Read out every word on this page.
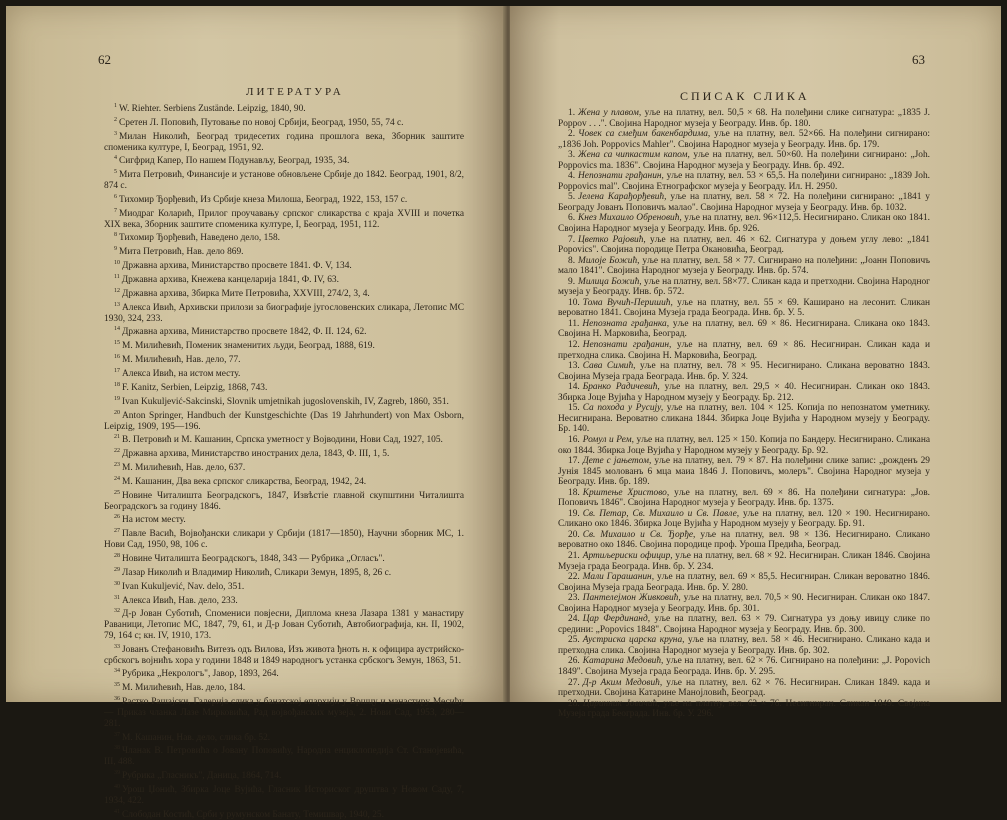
62
ЛИТЕРАТУРА
$^1$ W. Riehter. Serbiens Zustände. Leipzig, 1840, 90.
$^2$ Сретен Л. Поповић, Путовање по новој Србији, Београд, 1950, 55, 74 с.
$^3$ Милан Николић, Београд тридесетих година прошлога века, Зборник заштите споменика културе, I, Београд, 1951, 92.
$^4$ Сигфрид Капер, По нашем Подунављу, Београд, 1935, 34.
$^5$ Мита Петровић, Финансије и установе обновљене Србије до 1842. Београд, 1901, 8/2, 874 с.
$^6$ Тихомир Ђорђевић, Из Србије кнеза Милоша, Београд, 1922, 153, 157 с.
$^7$ Миодраг Коларић, Прилог проучавању српског сликарства с краја XVIII и почетка XIX века, Зборник заштите споменика културе, I, Београд, 1951, 112.
$^8$ Тихомир Ђорђевић, Наведено дело, 158.
$^9$ Мита Петровић, Нав. дело 869.
$^{10}$ Државна архива, Министарство просвете 1841. Ф. V, 134.
$^{11}$ Државна архива, Кнежева канцеларија 1841, Ф. IV, 63.
$^{12}$ Државна архива, Збирка Мите Петровића, XXVIII, 274/2, 3, 4.
$^{13}$ Алекса Ивић, Архивски прилози за биографије југословенских сликара, Летопис МС 1930, 324, 233.
$^{14}$ Државна архива, Министарство просвете 1842, Ф. II. 124, 62.
$^{15}$ М. Милићевић, Поменик знаменитих људи, Београд, 1888, 619.
$^{16}$ М. Милићевић, Нав. дело, 77.
$^{17}$ Алекса Ивић, на истом месту.
$^{18}$ F. Kanitz, Serbien, Leipzig, 1868, 743.
$^{19}$ Ivan Kukuljević-Sakcinski, Slovnik umjetnikah jugoslovenskih, IV, Zagreb, 1860, 351.
$^{20}$ Anton Springer, Handbuch der Kunstgeschichte (Das 19 Jahrhundert) von Max Osborn, Leipzig, 1909, 195—196.
$^{21}$ В. Петровић и М. Кашанин, Српска уметност у Војводини, Нови Сад, 1927, 105.
$^{22}$ Државна архива, Министарство иностраних дела, 1843, Ф. III, 1, 5.
$^{23}$ М. Милићевић, Нав. дело, 637.
$^{24}$ М. Кашанин, Два века српског сликарства, Београд, 1942, 24.
$^{25}$ Новине Читалишта Београдскогъ, 1847, Извѣстiе главной скупштини Читалишта Београдскогъ за годину 1846.
$^{26}$ На истом месту.
$^{27}$ Павле Васић, Војвођански сликари у Србији (1817—1850), Научни зборник МС, 1. Нови Сад, 1950, 98, 106 с.
$^{28}$ Новине Читалишта Београдскогъ, 1848, 343 — Рубрика „Огласъ".
$^{29}$ Лазар Николић и Владимир Николић, Сликари Земун, 1895, 8, 26 с.
$^{30}$ Ivan Kukuljević, Nav. delo, 351.
$^{31}$ Алекса Ивић, Нав. дело, 233.
$^{32}$ Д-р Јован Суботић, Спомениси повјесни, Диплома кнеза Лазара 1381 у манастиру Раваници, Летопис МС, 1847, 79, 61, и Д-р Јован Суботић, Автобиографија, кн. II, 1902, 79, 164 с; кн. IV, 1910, 173.
$^{33}$ Јованъ Стефановићъ Витезъ одъ Вилова, Изъ живота ђноть н. к официра аустрийско-србскогъ војнићъ хора у години 1848 и 1849 народногъ устанка србскогъ Земун, 1863, 51.
$^{34}$ Рубрика „Некрологъ", Јавор, 1893, 264.
$^{35}$ М. Милићевић, Нав. дело, 184.
$^{36}$ Растко Рашајски, Галерија слика у банатској епархији у Вршцу и манастиру Месићу — Приказ чланка Лазе Мирковића, Рад војвођанских музеја, 2. Нови Сад, 1953, 280—281.
$^{37}$ М. Кашанин, Нав. дело, слика бр. 52.
$^{38}$ Чланак В. Петровића о Јовану Поповићу, Народна енциклопедија Ст. Станојевића, III, 488.
$^{39}$ Рубрика „Гласникъ", Даница, 1864, 714.
$^{40}$ Урош Џонић, Збирка Јоце Вујића, Гласник Историског друштва у Новом Саду, 7, 1934, 422.
$^{41}$ Слободан Костић, Срби у румунском Банату, Темишвар, 1940, 25.
63
СПИСАК СЛИКА
1. Жена у плавом, уље на платну, вел. 50,5 × 68. На полеђини слике сигнатура: „1835 J. Poppov . . .". Својина Народног музеја у Београду. Инв. бр. 180.
2. Човек са смеђим бакенбардима, уље на платну, вел. 52×66. На полеђини сигнирано: „1836 Joh. Poppovics Mahler". Својина Народног музеја у Београду. Инв. бр. 179.
3. Жена са чипкастим капом, уље на платну, вел. 50×60. На полеђини сигнирано: „Joh. Poppovics ma. 1836". Својина Народног музеја у Београду. Инв. бр. 492.
4. Непознати грађанин, уље на платну, вел. 53 × 65,5. На полеђини сигнирано: „1839 Joh. Poppovics mal". Својина Етнографског музеја у Београду. Ил. Н. 2950.
5. Јелена Карађорђевић, уље на платну, вел. 58 × 72. На полеђини сигнирано: „1841 у Београду Јованъ Поповичъ малао". Својина Народног музеја у Београду. Инв. бр. 1032.
6. Кнез Михаило Обреновић, уље на платну, вел. 96×112,5. Несигнирано. Сликан око 1841. Својина Народног музеја у Београду. Инв. бр. 926.
7. Цветко Рајовић, уље на платну, вел. 46 × 62. Сигнатура у доњем углу лево: „1841 Popovics". Својина породице Петра Окановића, Београд.
8. Милоје Божић, уље на платну, вел. 58 × 77. Сигнирано на полеђини: „Јоанн Поповичъ мало 1841". Својина Народног музеја у Београду. Инв. бр. 574.
9. Милица Божић, уље на платну, вел. 58×77. Сликан када и претходни. Својина Народног музеја у Београду. Инв. бр. 572.
10. Тома Вучић-Перишић, уље на платну, вел. 55 × 69. Каширано на лесонит. Сликан вероватно 1841. Својина Музеја града Београда. Инв. бр. У. 5.
11. Непозната грађанка, уље на платну, вел. 69 × 86. Несигнирана. Сликана око 1843. Својина Н. Марковића, Београд.
12. Непознати грађанин, уље на платну, вел. 69 × 86. Несигниран. Сликан када и претходна слика. Својина Н. Марковића, Београд.
13. Сава Симић, уље на платну, вел. 78 × 95. Несигнирано. Сликана вероватно 1843. Својина Музеја града Београда. Инв. бр. У. 324.
14. Бранко Радичевић, уље на платну, вел. 29,5 × 40. Несигниран. Сликан око 1843. Збирка Јоце Вујића у Народном музеју у Београду. Бр. 212.
15. Са похода у Русију, уље на платну, вел. 104 × 125. Копија по непознатом уметнику. Несигнирана. Вероватно сликана 1844. Збирка Јоце Вујића у Народном музеју у Београду. Бр. 140.
16. Ромул и Рем, уље на платну, вел. 125 × 150. Копија по Бандеру. Несигнирано. Сликана око 1844. Збирка Јоце Вујића у Народном музеју у Београду. Бр. 92.
17. Дете с јањетом, уље на платну, вел. 79 × 87. На полеђини слике запис: „рожденъ 29 Јунія 1845 молованъ 6 мца маиа 1846 Ј. Поповичъ, молеръ". Својина Народног музеја у Београду. Инв. бр. 189.
18. Крштење Христово, уље на платну, вел. 69 × 86. На полеђини сигнатура: „Јов. Поповичъ 1846". Својина Народног музеја у Београду. Инв. бр. 1375.
19. Св. Петар, Св. Михаило и Св. Павле, уље на платну, вел. 120 × 190. Несигнирано. Сликано око 1846. Збирка Јоце Вујића у Народном музеју у Београду. Бр. 91.
20. Св. Михаило и Св. Ђорђе, уље на платну, вел. 98 × 136. Несигнирано. Сликано вероватно око 1846. Својина породице проф. Уроша Предића, Београд.
21. Артиљериски официр, уље на платну, вел. 68 × 92. Несигниран. Сликан 1846. Својина Музеја града Београда. Инв. бр. У. 234.
22. Мали Гарашанин, уље на платну, вел. 69 × 85,5. Несигниран. Сликан вероватно 1846. Својина Музеја града Београда. Инв. бр. У. 280.
23. Пантелејмон Живковић, уље на платну, вел. 70,5 × 90. Несигниран. Сликан око 1847. Својина Народног музеја у Београду. Инв. бр. 301.
24. Цар Фердинанд, уље на платну, вел. 63 × 79. Сигнатура уз доњу ивицу слике по средини: „Popovics 1848". Својина Народног музеја у Београду. Инв. бр. 300.
25. Аустриска царска круна, уље на платну, вел. 58 × 46. Несигнирано. Сликано када и претходна слика. Својина Народног музеја у Београду. Инв. бр. 302.
26. Катарина Медовић, уље на платну, вел. 62 × 76. Сигнирано на полеђини: „J. Popovich 1849". Својина Музеја града Београда. Инв. бр. У. 295.
27. Д-р Аким Медовић, уље на платну, вел. 62 × 76. Несигниран. Сликан 1849. када и претходни. Својина Катарине Манојловић, Београд.
28. Царинник Јовичић, уље на платну, вел. 62 × 76. Несигниран. Сликан 1849. Својина Музеја града Београда. Инв. бр. У. 296.
